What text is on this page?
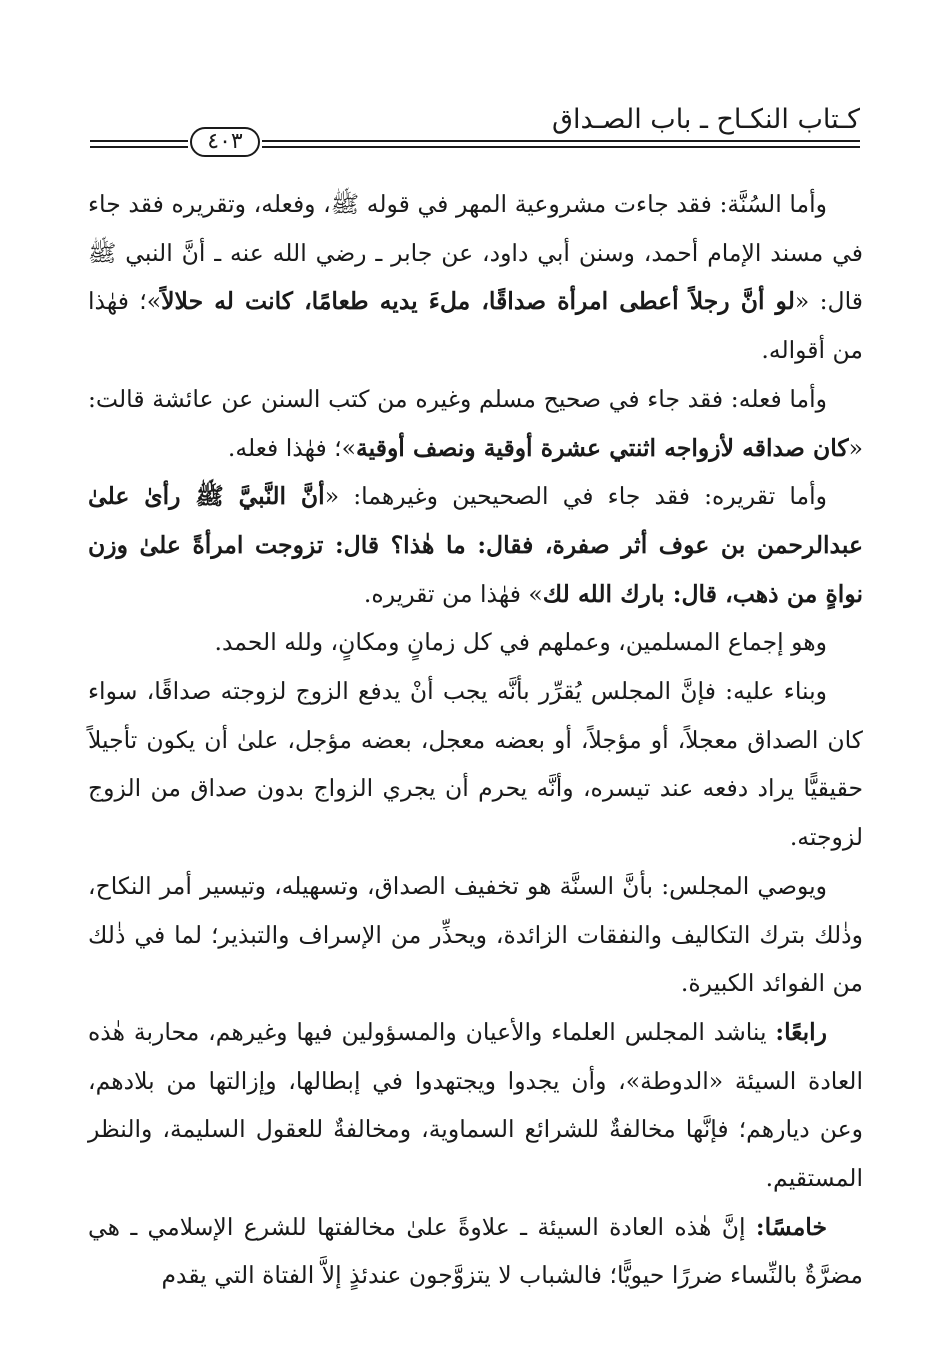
كـتاب النكـاح ـ باب الصـداق
٤٠٣

وأما السُنَّة: فقد جاءت مشروعية المهر في قوله ﷺ، وفعله، وتقريره فقد جاء في مسند الإمام أحمد، وسنن أبي داود، عن جابر ـ رضي الله عنه ـ أنَّ النبي ﷺ قال: «لو أنَّ رجلاً أعطى امرأة صداقًا، ملءَ يديه طعامًا، كانت له حلالاً»؛ فهٰذا من أقواله.

وأما فعله: فقد جاء في صحيح مسلم وغيره من كتب السنن عن عائشة قالت: «كان صداقه لأزواجه اثنتي عشرة أوقية ونصف أوقية»؛ فهٰذا فعله.

وأما تقريره: فقد جاء في الصحيحين وغيرهما: «أنَّ النَّبيَّ ﷺ رأىٰ علىٰ عبدالرحمن بن عوف أثر صفرة، فقال: ما هٰذا؟ قال: تزوجت امرأةً علىٰ وزن نواةٍ من ذهب، قال: بارك الله لك» فهٰذا من تقريره.

وهو إجماع المسلمين، وعملهم في كل زمانٍ ومكانٍ، ولله الحمد.

وبناء عليه: فإنَّ المجلس يُقرِّر بأنَّه يجب أنْ يدفع الزوج لزوجته صداقًا، سواء كان الصداق معجلاً، أو مؤجلاً، أو بعضه معجل، بعضه مؤجل، علىٰ أن يكون تأجيلاً حقيقيًّا يراد دفعه عند تيسره، وأنَّه يحرم أن يجري الزواج بدون صداق من الزوج لزوجته.

ويوصي المجلس: بأنَّ السنَّة هو تخفيف الصداق، وتسهيله، وتيسير أمر النكاح، وذٰلك بترك التكاليف والنفقات الزائدة، ويحذِّر من الإسراف والتبذير؛ لما في ذٰلك من الفوائد الكبيرة.

رابعًا: يناشد المجلس العلماء والأعيان والمسؤولين فيها وغيرهم، محاربة هٰذه العادة السيئة «الدوطة»، وأن يجدوا ويجتهدوا في إبطالها، وإزالتها من بلادهم، وعن ديارهم؛ فإنَّها مخالفةٌ للشرائع السماوية، ومخالفةٌ للعقول السليمة، والنظر المستقيم.

خامسًا: إنَّ هٰذه العادة السيئة ـ علاوةً علىٰ مخالفتها للشرع الإسلامي ـ هي مضرَّةٌ بالنِّساء ضررًا حيويًّا؛ فالشباب لا يتزوَّجون عندئذٍ إلاَّ الفتاة التي يقدم
